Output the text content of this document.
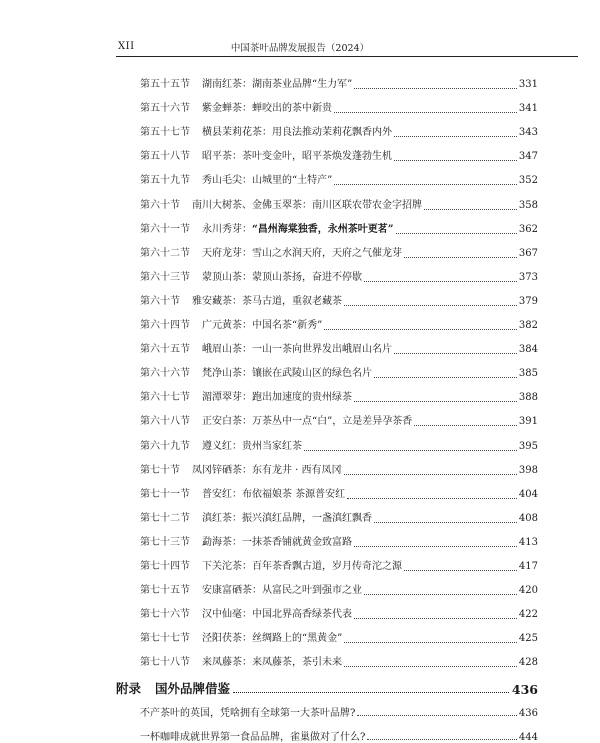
XII	中国茶叶品牌发展报告（2024）
第五十五节 湖南红茶：湖南茶业品牌“生力军”	331
第五十六节 紫金蝉茶：蝉咬出的茶中新贵	341
第五十七节 横县茉莉花茶：用良法推动茉莉花飘香内外	343
第五十八节 昭平茶：茶叶变金叶，昭平茶焕发蓬勃生机	347
第五十九节 秀山毛尖：山城里的“土特产”	352
第六十节 南川大树茶、金佛玉翠茶：南川区联农带农金字招牌	358
第六十一节 永川秀芽： “昌州海棠独香，永州茶叶更茗”	362
第六十二节 天府龙芽：雪山之水润天府，天府之气催龙芽	367
第六十三节 蒙顶山茶：蒙顶山茶扬，奋进不停歇	373
第六十节 雅安藏茶：茶马古道，重叙老藏茶	379
第六十四节 广元黄茶：中国名茶“新秀”	382
第六十五节 峨眉山茶：一山一茶向世界发出峨眉山名片	384
第六十六节 梵净山茶：镶嵌在武陵山区的绿色名片	385
第六十七节 湄潭翠芽：跑出加速度的贵州绿茶	388
第六十八节 正安白茶：万茶丛中一点“白”，立是差异孕茶香	391
第六十九节 遵义红：贵州当家红茶	395
第七十节 凤冈锌硒茶：东有龙井 · 西有凤冈	398
第七十一节 普安红：布依福娘茶 茶源普安红	404
第七十二节 滇红茶：振兴滇红品牌，一盏滇红飘香	408
第七十三节 勐海茶：一抹茶香铺就黄金致富路	413
第七十四节 下关沱茶：百年茶香飘古道，岁月传奇沱之源	417
第七十五节 安康富硒茶：从富民之叶到强市之业	420
第七十六节 汉中仙毫：中国北界高香绿茶代表	422
第七十七节 泾阳茯茶：丝绸路上的“黑黄金”	425
第七十八节 来凤藤茶：来凤藤茶，茶引未来	428
附录 国外品牌借鉴	436
不产茶叶的英国，凭啥拥有全球第一大茶叶品牌?	436
一杯咖啡成就世界第一食品品牌，雀巢做对了什么?	444
